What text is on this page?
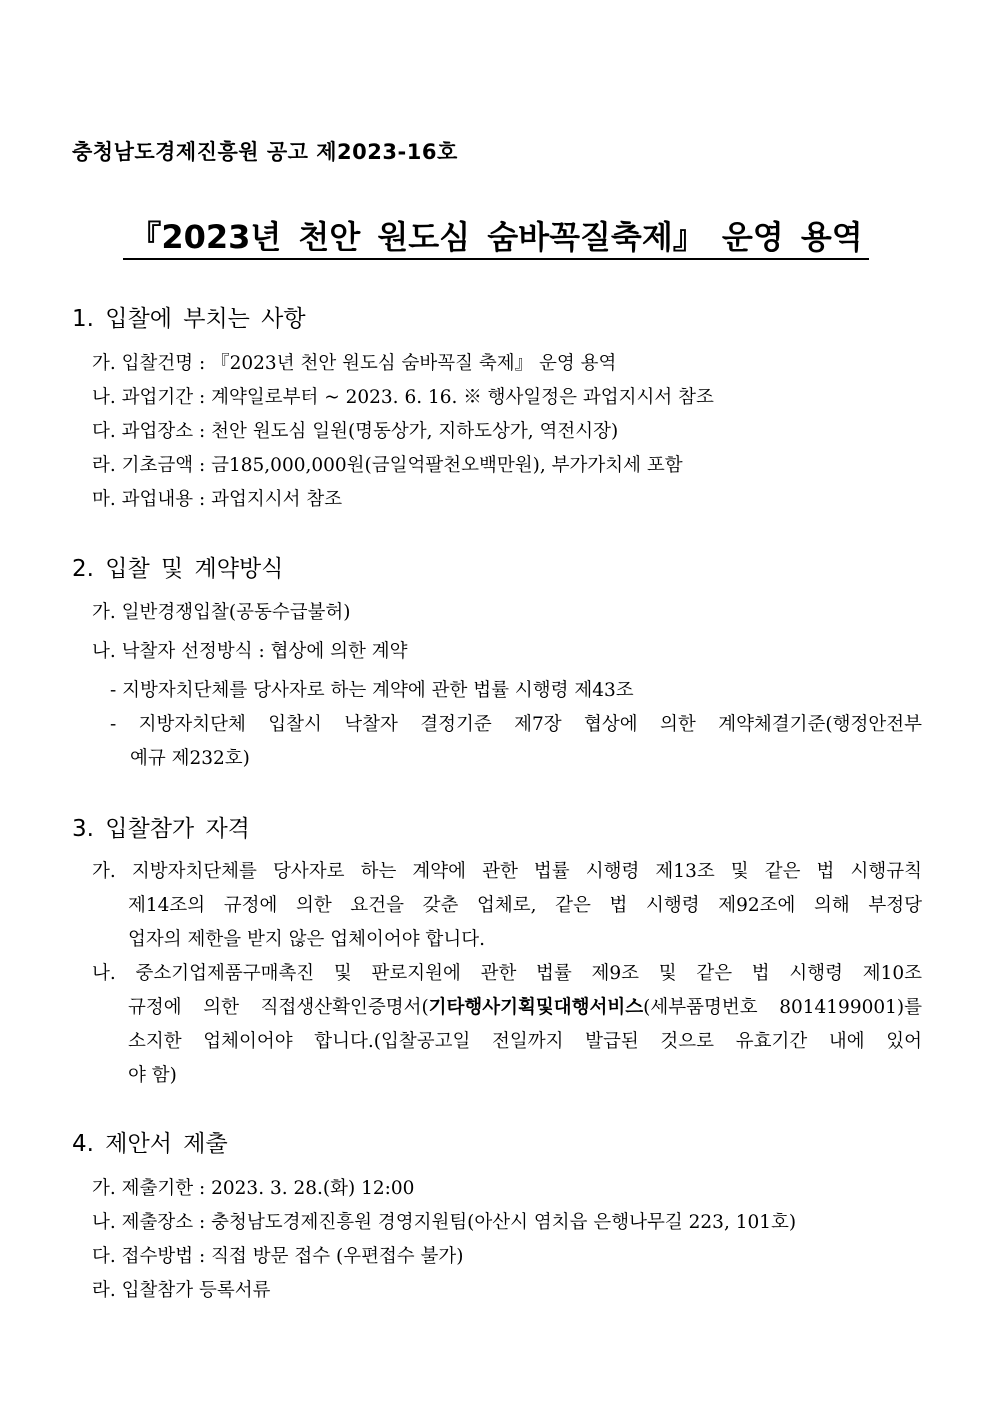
충청남도경제진흥원 공고 제2023-16호
『2023년 천안 원도심 숨바꼭질축제』 운영 용역
1. 입찰에 부치는 사항
가. 입찰건명 : 『2023년 천안 원도심 숨바꼭질 축제』 운영 용역
나. 과업기간 : 계약일로부터 ~ 2023. 6. 16. ※ 행사일정은 과업지시서 참조
다. 과업장소 : 천안 원도심 일원(명동상가, 지하도상가, 역전시장)
라. 기초금액 : 금185,000,000원(금일억팔천오백만원), 부가가치세 포함
마. 과업내용 : 과업지시서 참조
2. 입찰 및 계약방식
가. 일반경쟁입찰(공동수급불허)
나. 낙찰자 선정방식 : 협상에 의한 계약
- 지방자치단체를 당사자로 하는 계약에 관한 법률 시행령 제43조
- 지방자치단체 입찰시 낙찰자 결정기준 제7장 협상에 의한 계약체결기준(행정안전부
예규 제232호)
3. 입찰참가 자격
가. 지방자치단체를 당사자로 하는 계약에 관한 법률 시행령 제13조 및 같은 법 시행규칙
제14조의 규정에 의한 요건을 갖춘 업체로, 같은 법 시행령 제92조에 의해 부정당
업자의 제한을 받지 않은 업체이어야 합니다.
나. 중소기업제품구매촉진 및 판로지원에 관한 법률 제9조 및 같은 법 시행령 제10조
규정에 의한 직접생산확인증명서(기타행사기획및대행서비스(세부품명번호 8014199001)를
소지한 업체이어야 합니다.(입찰공고일 전일까지 발급된 것으로 유효기간 내에 있어
야 함)
4. 제안서 제출
가. 제출기한 : 2023. 3. 28.(화) 12:00
나. 제출장소 : 충청남도경제진흥원 경영지원팀(아산시 염치읍 은행나무길 223, 101호)
다. 접수방법 : 직접 방문 접수 (우편접수 불가)
라. 입찰참가 등록서류
